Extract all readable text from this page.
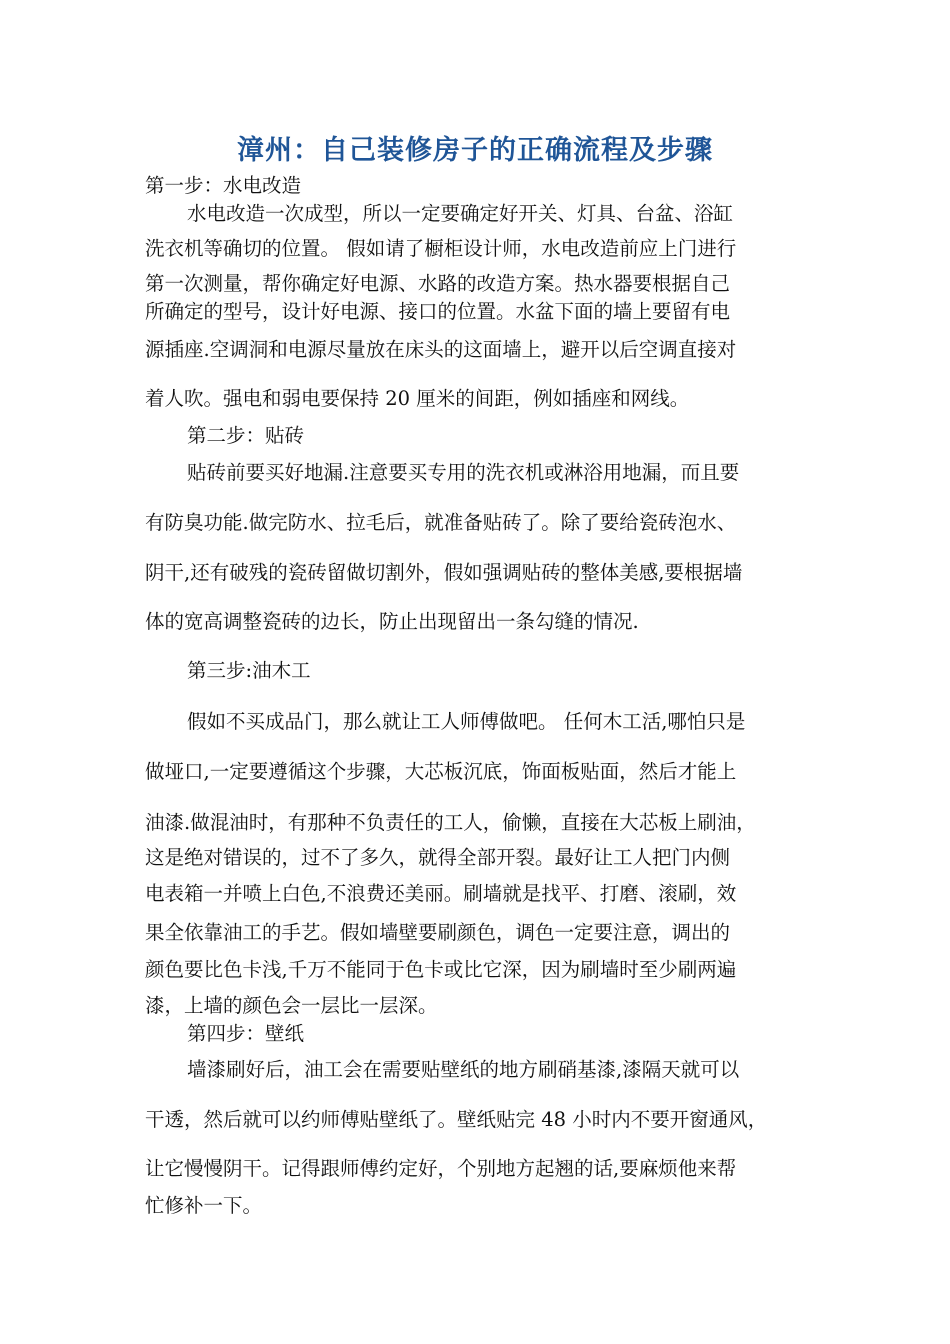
漳州：自己装修房子的正确流程及步骤
第一步：水电改造
水电改造一次成型，所以一定要确定好开关、灯具、台盆、浴缸
洗衣机等确切的位置。 假如请了橱柜设计师，水电改造前应上门进行
第一次测量，帮你确定好电源、水路的改造方案。热水器要根据自己
所确定的型号，设计好电源、接口的位置。水盆下面的墙上要留有电
源插座.空调洞和电源尽量放在床头的这面墙上，避开以后空调直接对
着人吹。强电和弱电要保持 20 厘米的间距，例如插座和网线。
第二步：贴砖
贴砖前要买好地漏.注意要买专用的洗衣机或淋浴用地漏，而且要
有防臭功能.做完防水、拉毛后，就准备贴砖了。除了要给瓷砖泡水、
阴干,还有破残的瓷砖留做切割外，假如强调贴砖的整体美感,要根据墙
体的宽高调整瓷砖的边长，防止出现留出一条勾缝的情况.
第三步:油木工
假如不买成品门，那么就让工人师傅做吧。 任何木工活,哪怕只是
做垭口,一定要遵循这个步骤，大芯板沉底，饰面板贴面，然后才能上
油漆.做混油时，有那种不负责任的工人，偷懒，直接在大芯板上刷油，
这是绝对错误的，过不了多久，就得全部开裂。最好让工人把门内侧
电表箱一并喷上白色,不浪费还美丽。刷墙就是找平、打磨、滚刷，效
果全依靠油工的手艺。假如墙壁要刷颜色，调色一定要注意，调出的
颜色要比色卡浅,千万不能同于色卡或比它深，因为刷墙时至少刷两遍
漆，上墙的颜色会一层比一层深。
第四步：壁纸
墙漆刷好后，油工会在需要贴壁纸的地方刷硝基漆,漆隔天就可以
干透，然后就可以约师傅贴壁纸了。壁纸贴完 48 小时内不要开窗通风，
让它慢慢阴干。记得跟师傅约定好，个别地方起翘的话,要麻烦他来帮
忙修补一下。
